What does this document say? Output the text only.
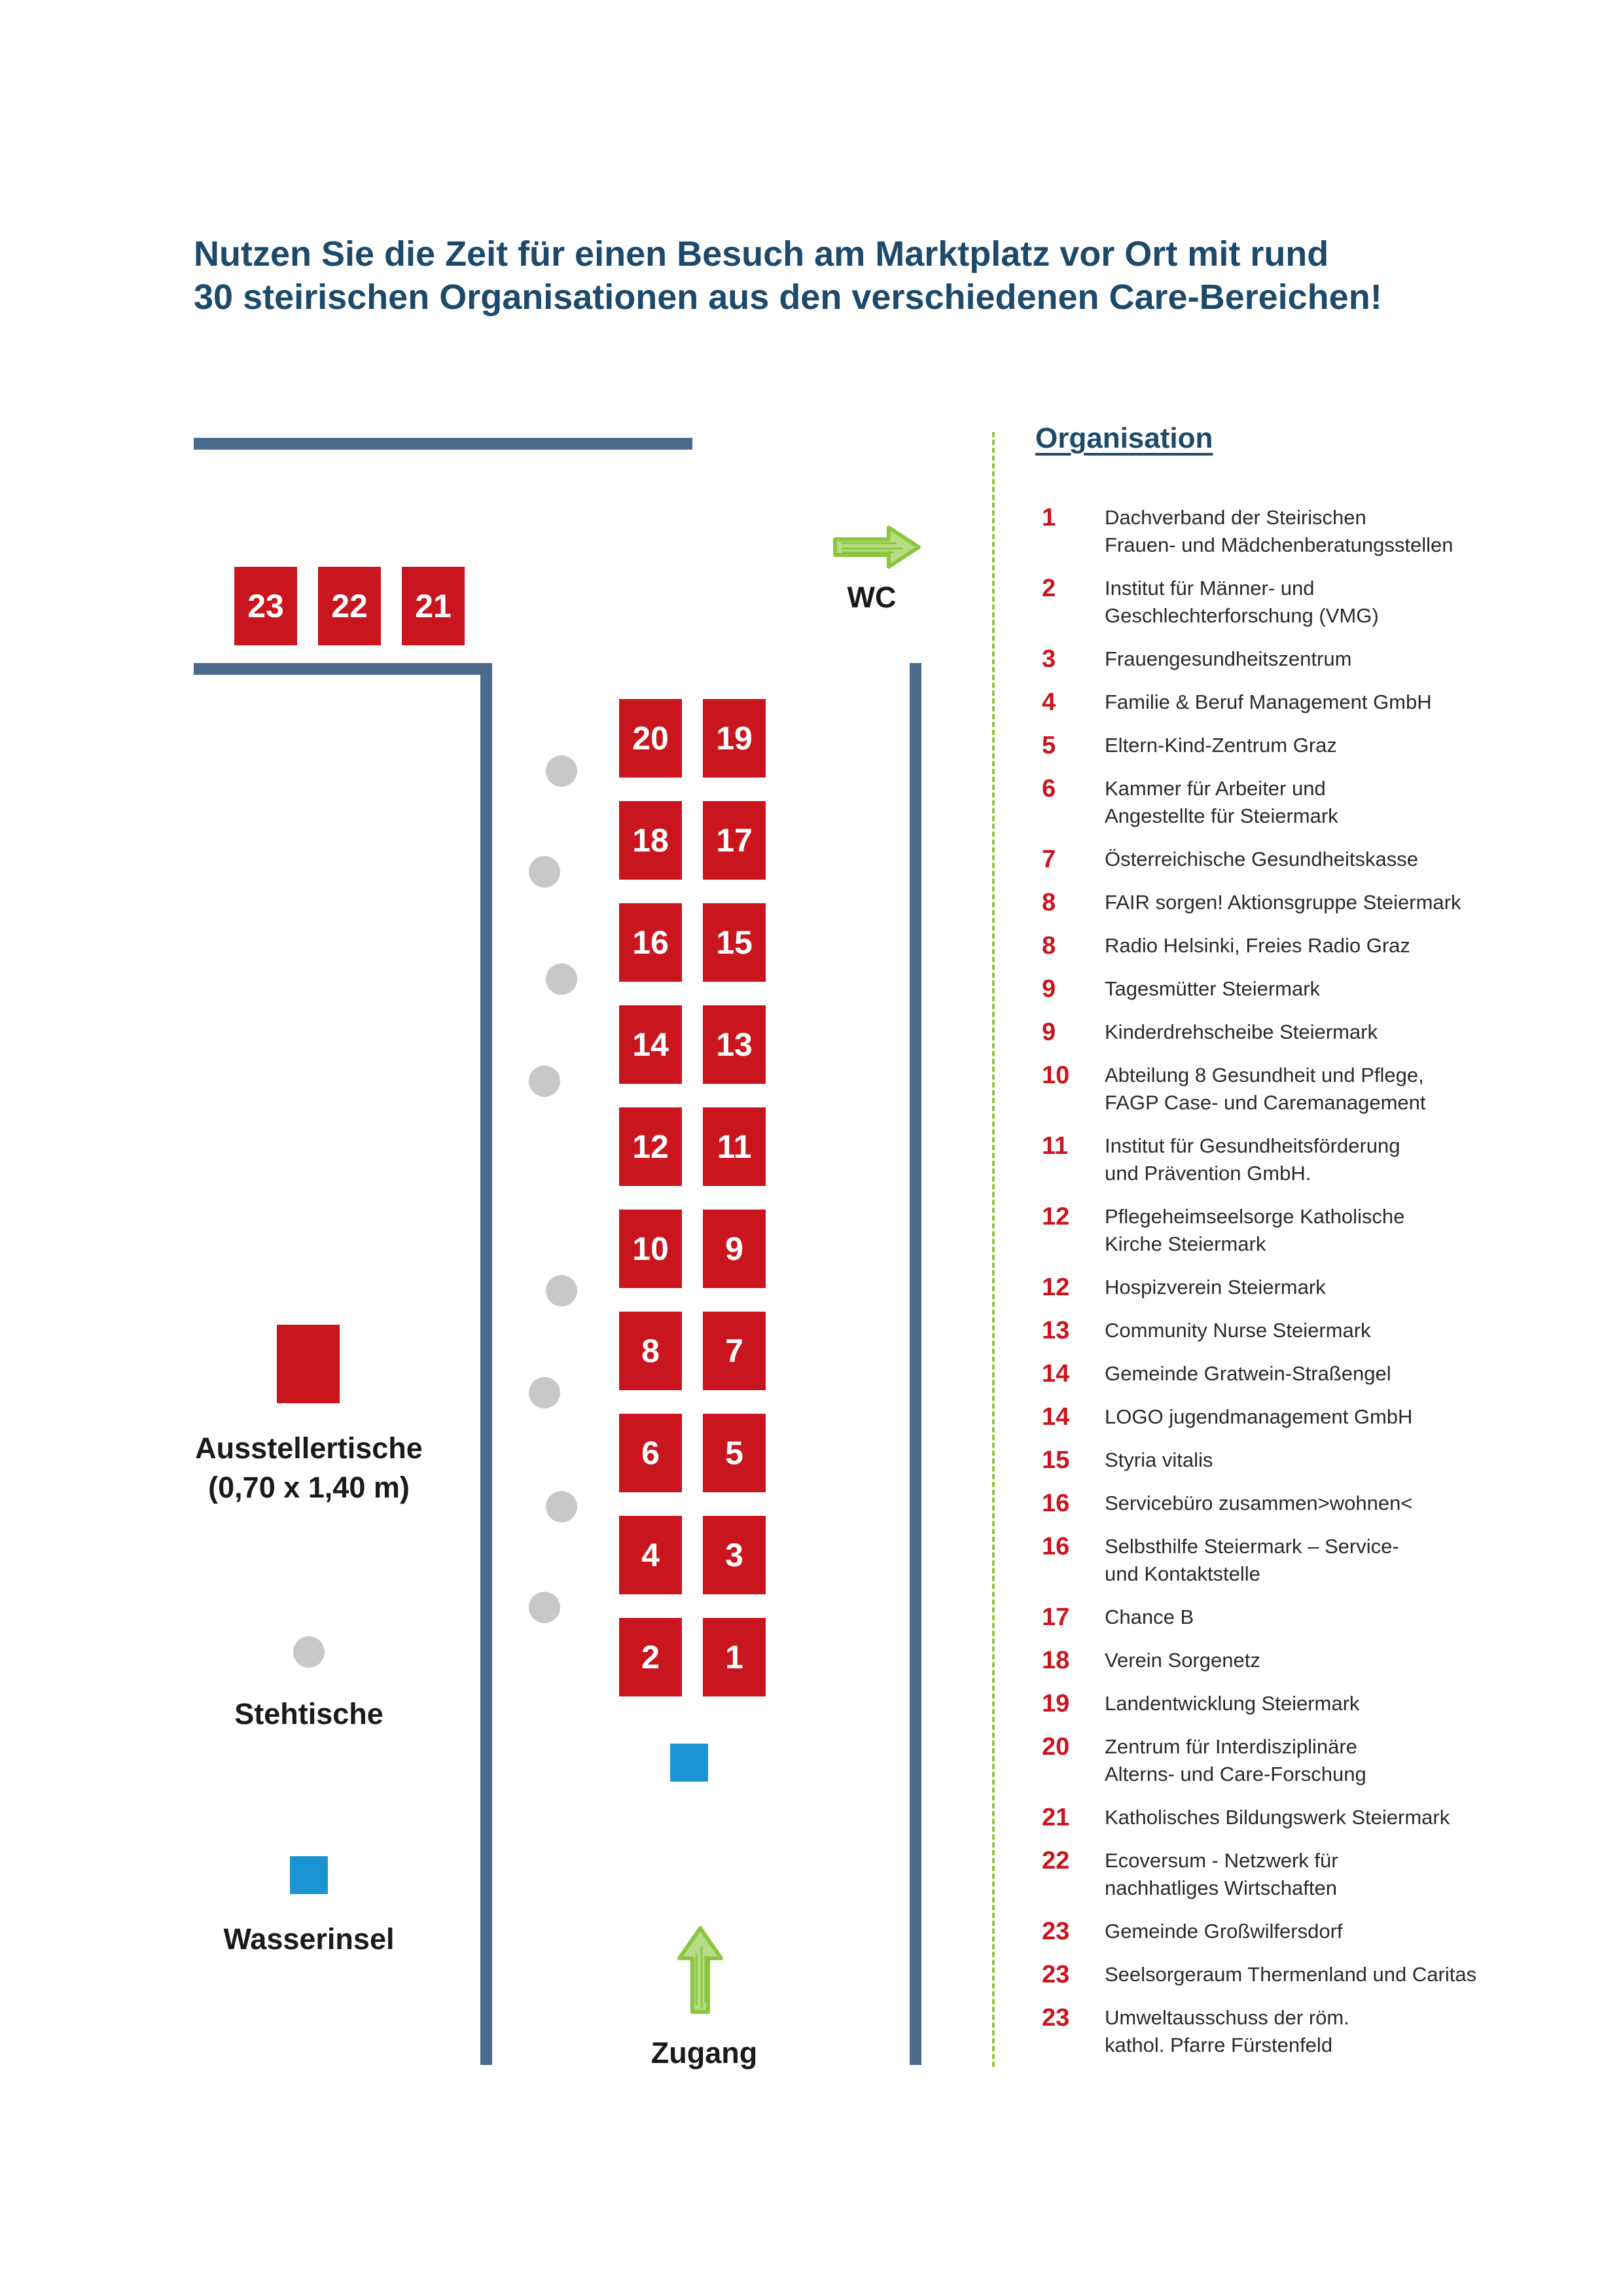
Nutzen Sie die Zeit für einen Besuch am Marktplatz vor Ort mit rund
30 steirischen Organisationen aus den verschiedenen Care-Bereichen!
23	22	21
20	19
18	17
16	15
14	13
12	11
10	9
8	7
6	5
4	3
2	1
WC
Zugang
Ausstellertische
(0,70 x 1,40 m)
Stehtische
Wasserinsel
Organisation
1	Dachverband der Steirischen
Frauen- und Mädchenberatungsstellen
2	Institut für Männer- und
Geschlechterforschung (VMG)
3	Frauengesundheitszentrum
4	Familie & Beruf Management GmbH
5	Eltern-Kind-Zentrum Graz
6	Kammer für Arbeiter und
Angestellte für Steiermark
7	Österreichische Gesundheitskasse
8	FAIR sorgen! Aktionsgruppe Steiermark
8	Radio Helsinki, Freies Radio Graz
9	Tagesmütter Steiermark
9	Kinderdrehscheibe Steiermark
10	Abteilung 8 Gesundheit und Pflege,
FAGP Case- und Caremanagement
11	Institut für Gesundheitsförderung
und Prävention GmbH.
12	Pflegeheimseelsorge Katholische
Kirche Steiermark
12	Hospizverein Steiermark
13	Community Nurse Steiermark
14	Gemeinde Gratwein-Straßengel
14	LOGO jugendmanagement GmbH
15	Styria vitalis
16	Servicebüro zusammen>wohnen<
16	Selbsthilfe Steiermark – Service-
und Kontaktstelle
17	Chance B
18	Verein Sorgenetz
19	Landentwicklung Steiermark
20	Zentrum für Interdisziplinäre
Alterns- und Care-Forschung
21	Katholisches Bildungswerk Steiermark
22	Ecoversum - Netzwerk für
nachhatliges Wirtschaften
23	Gemeinde Großwilfersdorf
23	Seelsorgeraum Thermenland und Caritas
23	Umweltausschuss der röm.
kathol. Pfarre Fürstenfeld
